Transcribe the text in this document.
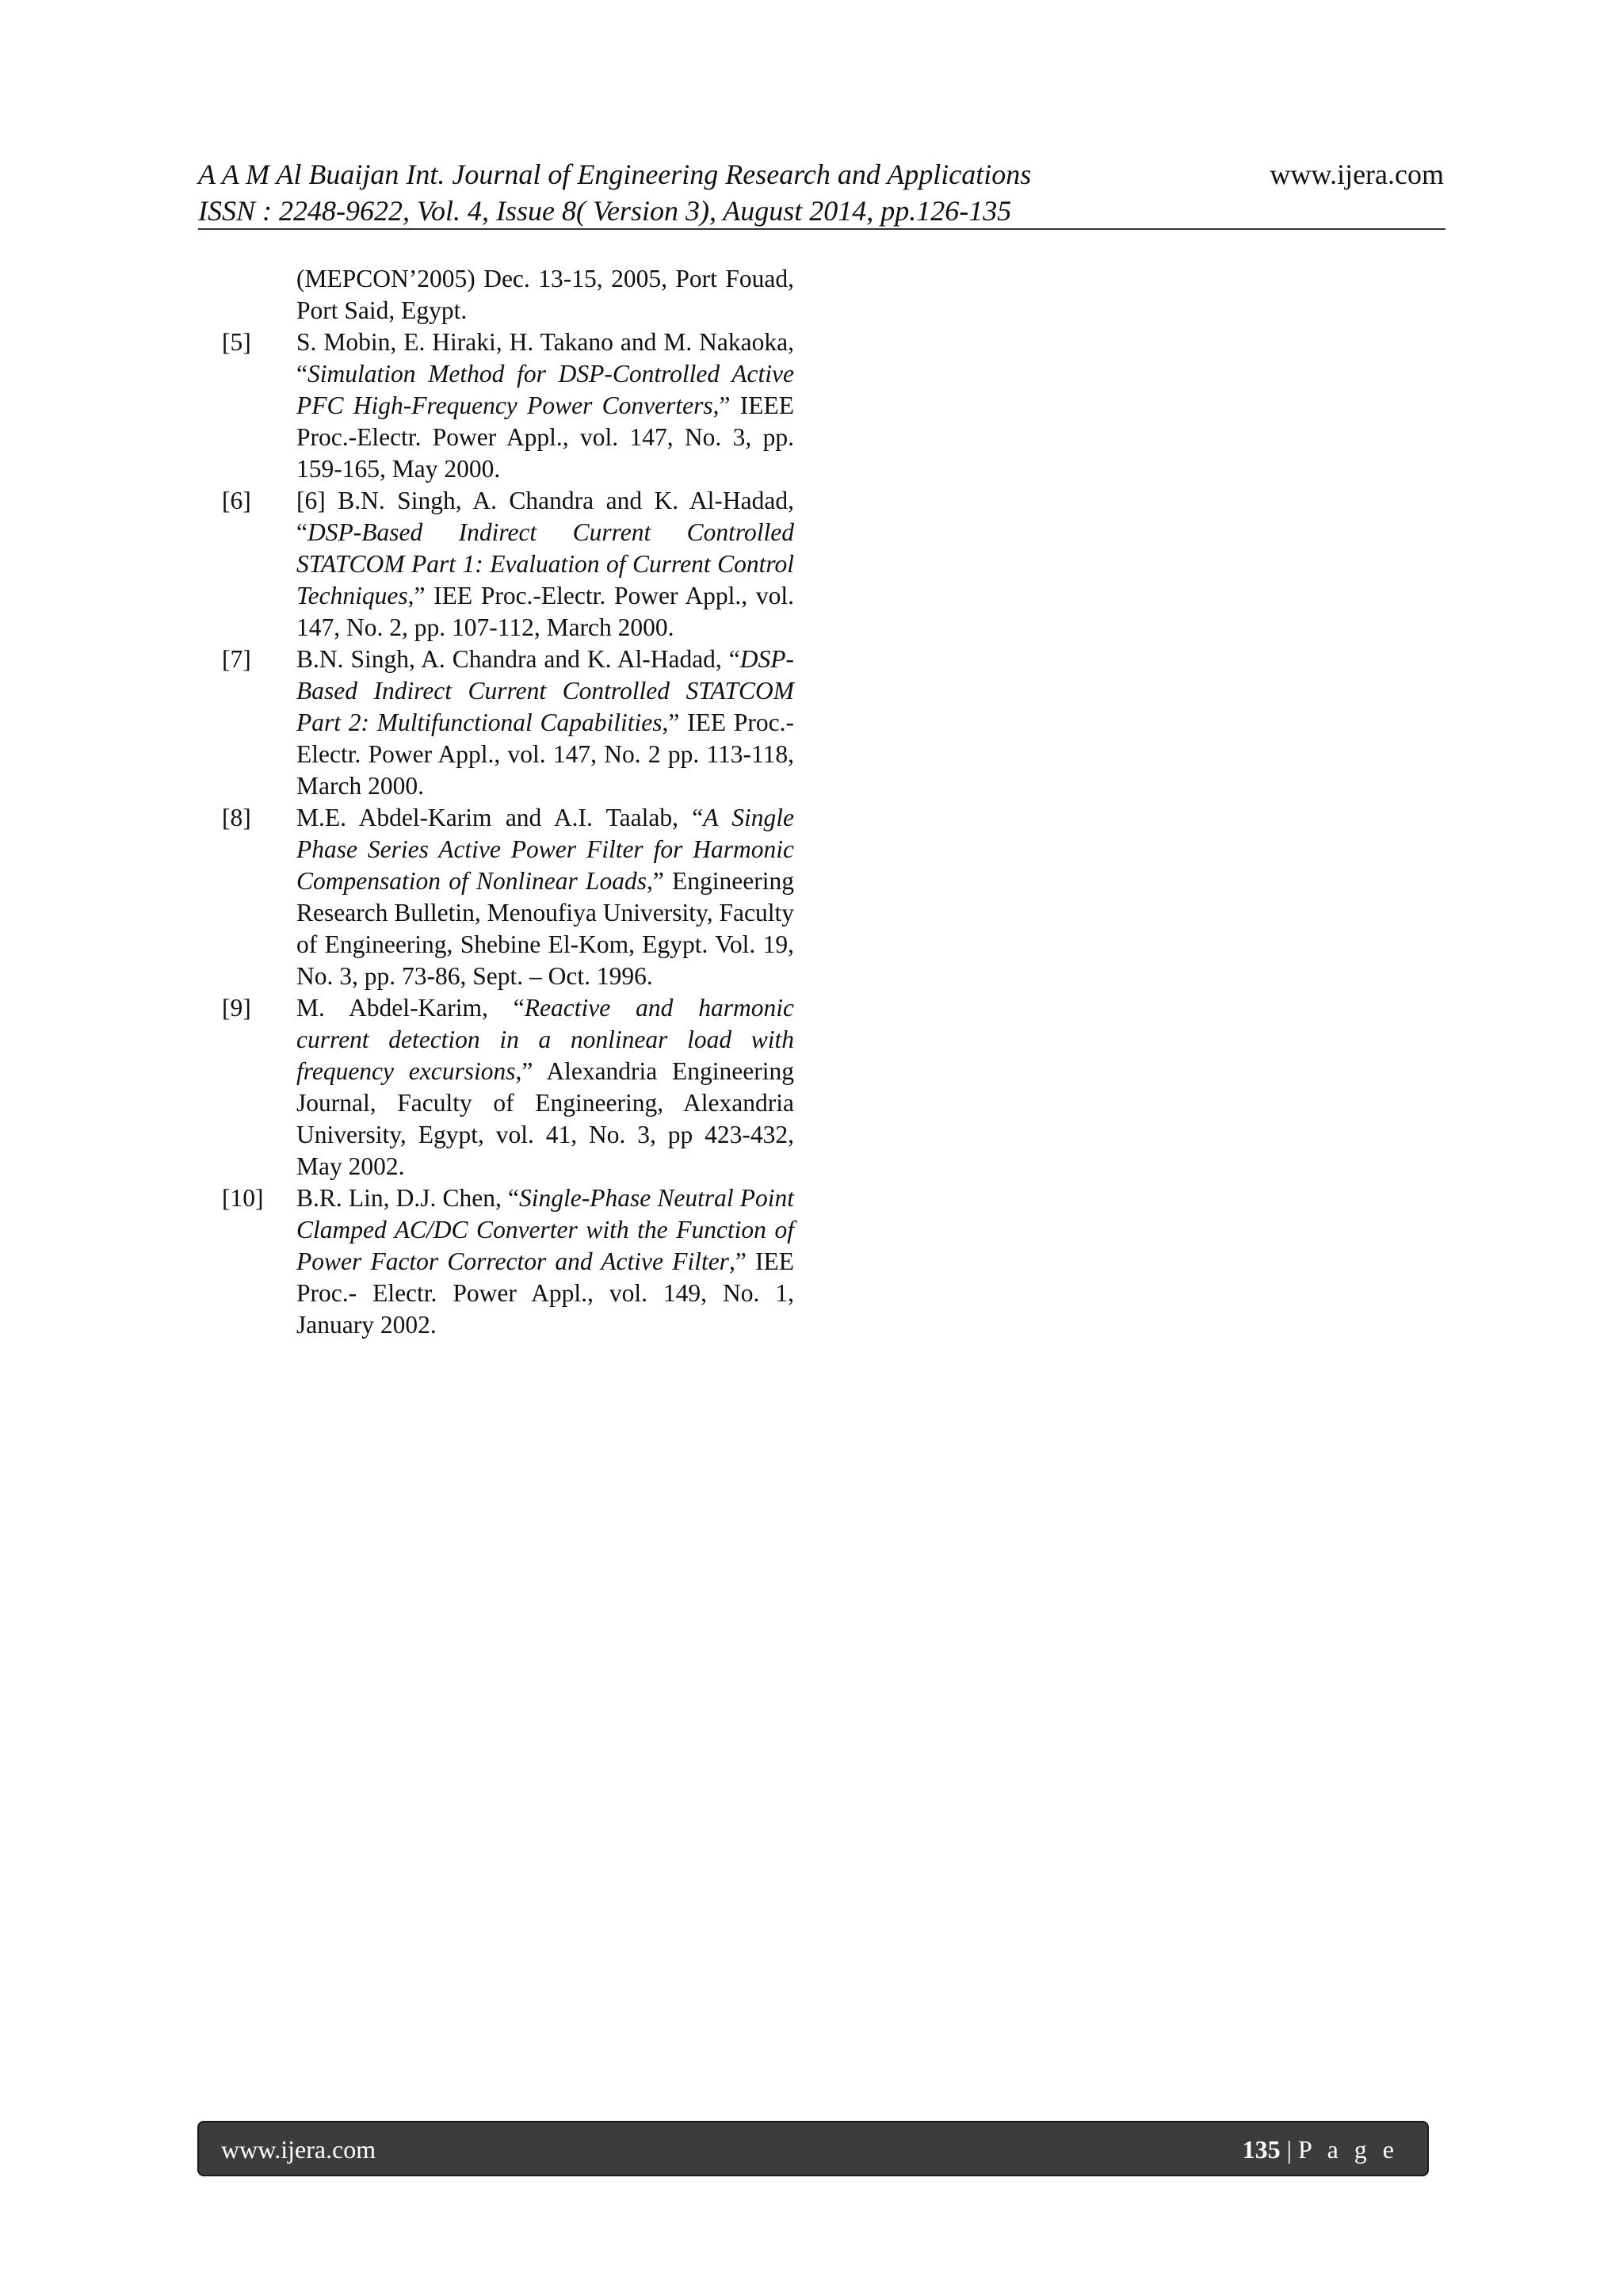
A A M Al Buaijan Int. Journal of Engineering Research and Applications
ISSN : 2248-9622, Vol. 4, Issue 8( Version 3), August 2014, pp.126-135
www.ijera.com
(MEPCON’2005) Dec. 13-15, 2005, Port Fouad, Port Said, Egypt.
[5]	S. Mobin, E. Hiraki, H. Takano and M. Nakaoka, “Simulation Method for DSP-Controlled Active PFC High-Frequency Power Converters,” IEEE Proc.-Electr. Power Appl., vol. 147, No. 3, pp. 159-165, May 2000.
[6]	[6] B.N. Singh, A. Chandra and K. Al-Hadad, “DSP-Based Indirect Current Controlled STATCOM Part 1: Evaluation of Current Control Techniques,” IEE Proc.-Electr. Power Appl., vol. 147, No. 2, pp. 107-112, March 2000.
[7]	B.N. Singh, A. Chandra and K. Al-Hadad, “DSP-Based Indirect Current Controlled STATCOM Part 2: Multifunctional Capabilities,” IEE Proc.-Electr. Power Appl., vol. 147, No. 2 pp. 113-118, March 2000.
[8]	M.E. Abdel-Karim and A.I. Taalab, “A Single Phase Series Active Power Filter for Harmonic Compensation of Nonlinear Loads,” Engineering Research Bulletin, Menoufiya University, Faculty of Engineering, Shebine El-Kom, Egypt. Vol. 19, No. 3, pp. 73-86, Sept. – Oct. 1996.
[9]	M. Abdel-Karim, “Reactive and harmonic current detection in a nonlinear load with frequency excursions,” Alexandria Engineering Journal, Faculty of Engineering, Alexandria University, Egypt, vol. 41, No. 3, pp 423-432, May 2002.
[10]	B.R. Lin, D.J. Chen, “Single-Phase Neutral Point Clamped AC/DC Converter with the Function of Power Factor Corrector and Active Filter,” IEE Proc.- Electr. Power Appl., vol. 149, No. 1, January 2002.
www.ijera.com	135 | P a g e
